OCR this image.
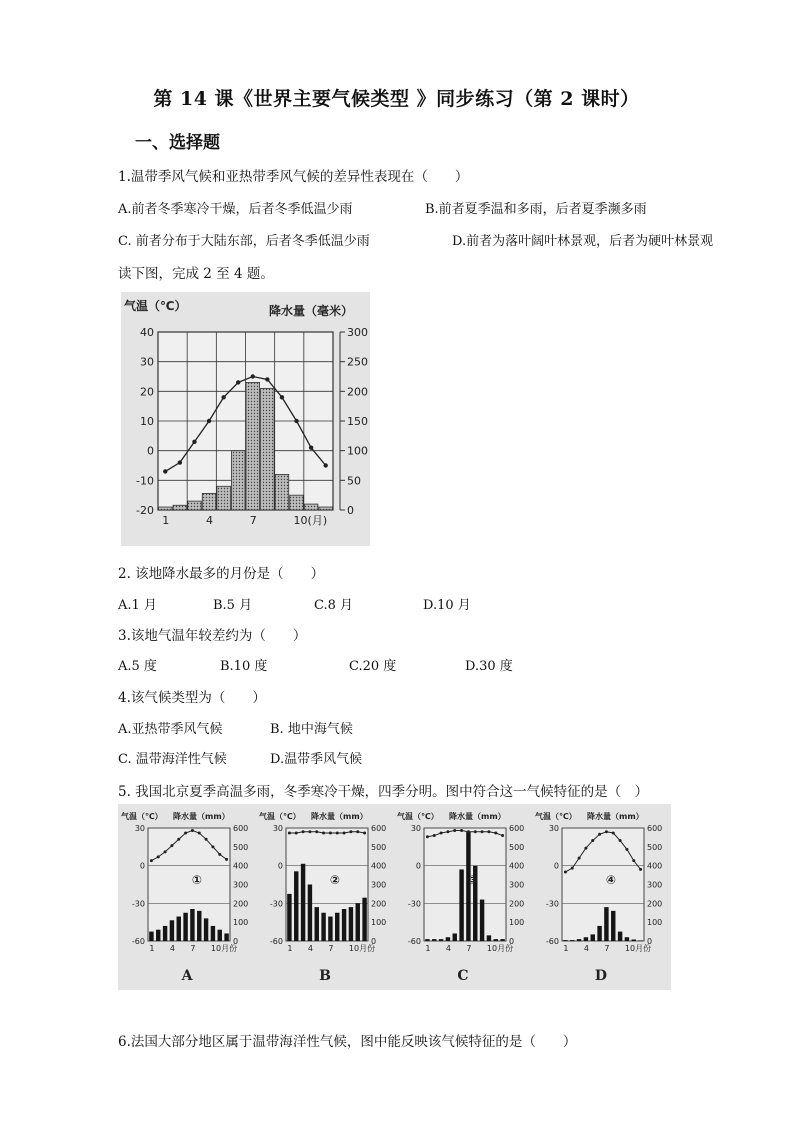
第 14 课《世界主要气候类型 》同步练习（第 2 课时）
一、选择题
1.温带季风气候和亚热带季风气候的差异性表现在（　　）
A.前者冬季寒冷干燥，后者冬季低温少雨	B.前者夏季温和多雨，后者夏季濒多雨
C. 前者分布于大陆东部，后者冬季低温少雨	D.前者为落叶阔叶林景观，后者为硬叶林景观
读下图，完成 2 至 4 题。
气温（℃）	降水量（毫米）
40
30
20
10
0
-10
-20
300
250
200
150
100
50
0
1	4	7	10(月)
2. 该地降水最多的月份是（　　）
A.1 月	B.5 月	C.8 月	D.10 月
3.该地气温年较差约为（　　）
A.5 度	B.10 度	C.20 度	D.30 度
4.该气候类型为（　　）
A.亚热带季风气候	B. 地中海气候
C. 温带海洋性气候	D.温带季风气候
5. 我国北京夏季高温多雨，冬季寒冷干燥，四季分明。图中符合这一气候特征的是（　）
气温（℃） 降水量（mm）
30
0
-30
-60
600
500
400
300
200
100
0
①
1 4 7 10月份
A
气温（℃） 降水量（mm）
30
0
-30
-60
600
500
400
300
200
100
0
②
1 4 7 10月份
B
气温（℃） 降水量（mm）
30
0
-30
-60
600
500
400
300
200
100
0
③
1 4 7 10月份
C
气温（℃） 降水量（mm）
30
0
-30
-60
600
500
400
300
200
100
0
④
1 4 7 10月份
D
6.法国大部分地区属于温带海洋性气候，图中能反映该气候特征的是（　　）
